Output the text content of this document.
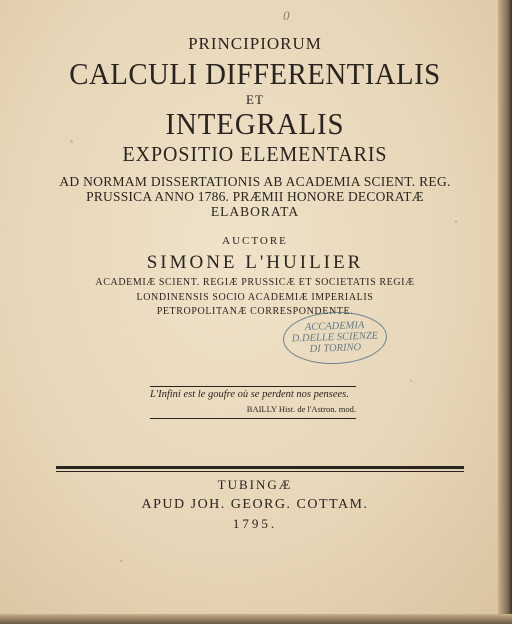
0
PRINCIPIORUM
CALCULI DIFFERENTIALIS
ET
INTEGRALIS
EXPOSITIO ELEMENTARIS
AD NORMAM DISSERTATIONIS AB ACADEMIA SCIENT. REG.
PRUSSICA ANNO 1786. PRÆMII HONORE DECORATÆ
ELABORATA
AUCTORE
SIMONE L'HUILIER
ACADEMIÆ SCIENT. REGIÆ PRUSSICÆ ET SOCIETATIS REGIÆ
LONDINENSIS SOCIO ACADEMIÆ IMPERIALIS
PETROPOLITANÆ CORRESPONDENTE.
ACCADEMIA
D.DELLE SCIENZE
DI TORINO
L'Infini est le goufre où se perdent nos pensees.
BAILLY Hist. de l'Astron. mod.
TUBINGÆ
APUD JOH. GEORG. COTTAM.
1795.
